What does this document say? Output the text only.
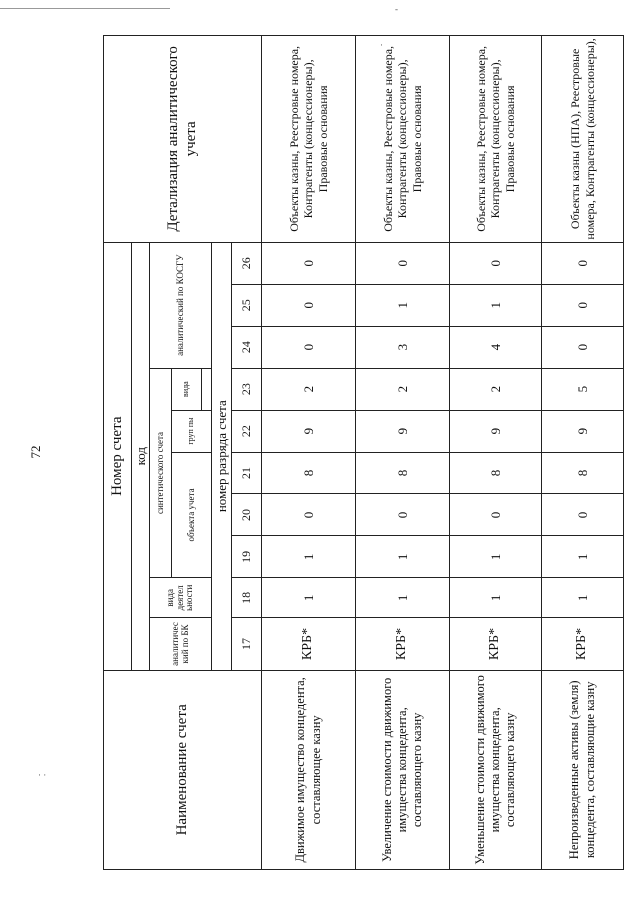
· ·
-
·
72
Наименование счета	Номер счета										Детализация аналитического учета
	код										
	аналитичес кий по БК	вида деятел ьности	синтетического счета					аналитический по КОСГУ			
			объекта учета			груп пы	вида				

	номер разряда счета										
	17	18	19	20	21	22	23	24	25	26	
Движимое имущество концедента, составляющее казну	КРБ*	1	1	0	8	9	2	0	0	0	Объекты казны, Реестровые номера, Контрагенты (концессионеры), Правовые основания
Увеличение стоимости движимого имущества концедента, составляющего казну	КРБ*	1	1	0	8	9	2	3	1	0	Объекты казны, Реестровые номера, Контрагенты (концессионеры), Правовые основания
Уменьшение стоимости движимого имущества концедента, составляющего казну	КРБ*	1	1	0	8	9	2	4	1	0	Объекты казны, Реестровые номера, Контрагенты (концессионеры), Правовые основания
Непроизведенные активы (земля) концедента, составляющие казну	КРБ*	1	1	0	8	9	5	0	0	0	Объекты казны (НПА), Реестровые номера, Контрагенты (концессионеры),
